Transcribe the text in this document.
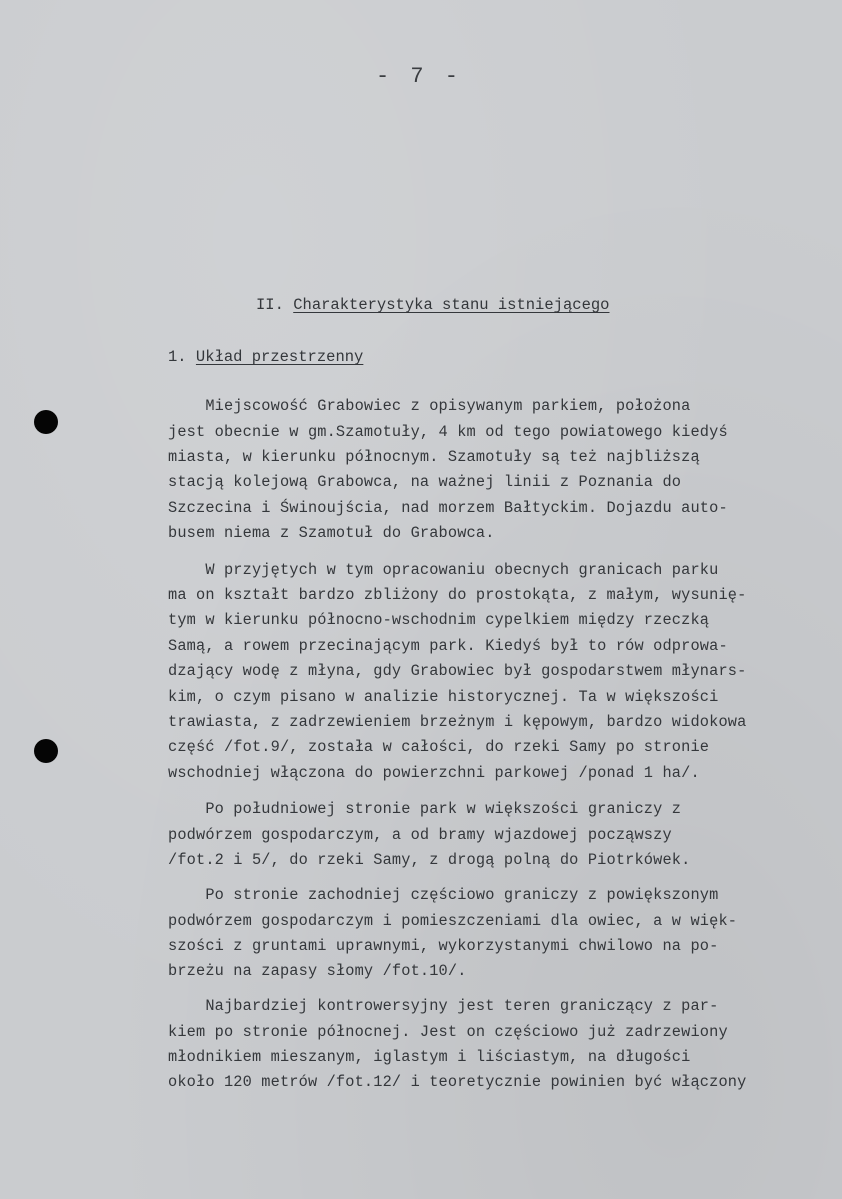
- 7 -
II. Charakterystyka stanu istniejącego
1. Układ przestrzenny
Miejscowość Grabowiec z opisywanym parkiem, położona
jest obecnie w gm.Szamotuły, 4 km od tego powiatowego kiedyś
miasta, w kierunku północnym. Szamotuły są też najbliższą
stacją kolejową Grabowca, na ważnej linii z Poznania do
Szczecina i Świnoujścia, nad morzem Bałtyckim. Dojazdu auto-
busem niema z Szamotuł do Grabowca.
W przyjętych w tym opracowaniu obecnych granicach parku
ma on kształt bardzo zbliżony do prostokąta, z małym, wysunię-
tym w kierunku północno-wschodnim cypelkiem między rzeczką
Samą, a rowem przecinającym park. Kiedyś był to rów odprowa-
dzający wodę z młyna, gdy Grabowiec był gospodarstwem młynars-
kim, o czym pisano w analizie historycznej. Ta w większości
trawiasta, z zadrzewieniem brzeżnym i kępowym, bardzo widokowa
część /fot.9/, została w całości, do rzeki Samy po stronie
wschodniej włączona do powierzchni parkowej /ponad 1 ha/.
Po południowej stronie park w większości graniczy z
podwórzem gospodarczym, a od bramy wjazdowej począwszy
/fot.2 i 5/, do rzeki Samy, z drogą polną do Piotrkówek.
Po stronie zachodniej częściowo graniczy z powiększonym
podwórzem gospodarczym i pomieszczeniami dla owiec, a w więk-
szości z gruntami uprawnymi, wykorzystanymi chwilowo na po-
brzeżu na zapasy słomy /fot.10/.
Najbardziej kontrowersyjny jest teren graniczący z par-
kiem po stronie północnej. Jest on częściowo już zadrzewiony
młodnikiem mieszanym, iglastym i liściastym, na długości
około 120 metrów /fot.12/ i teoretycznie powinien być włączony
